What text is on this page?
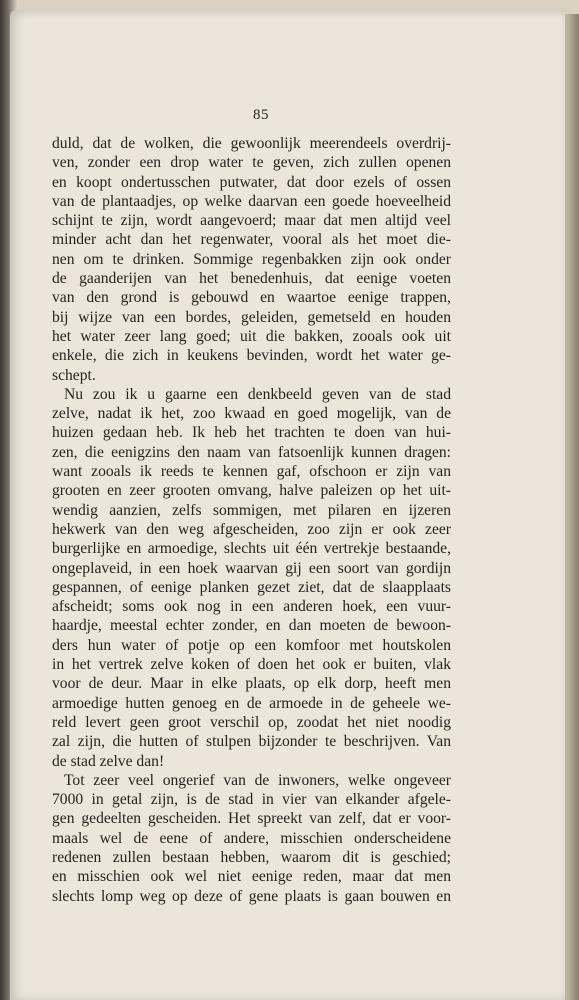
85
duld, dat de wolken, die gewoonlijk meerendeels overdrij-
ven, zonder een drop water te geven, zich zullen openen
en koopt ondertusschen putwater, dat door ezels of ossen
van de plantaadjes, op welke daarvan een goede hoeveelheid
schijnt te zijn, wordt aangevoerd; maar dat men altijd veel
minder acht dan het regenwater, vooral als het moet die-
nen om te drinken. Sommige regenbakken zijn ook onder
de gaanderijen van het benedenhuis, dat eenige voeten
van den grond is gebouwd en waartoe eenige trappen,
bij wijze van een bordes, geleiden, gemetseld en houden
het water zeer lang goed; uit die bakken, zooals ook uit
enkele, die zich in keukens bevinden, wordt het water ge-
schept.
Nu zou ik u gaarne een denkbeeld geven van de stad
zelve, nadat ik het, zoo kwaad en goed mogelijk, van de
huizen gedaan heb. Ik heb het trachten te doen van hui-
zen, die eenigzins den naam van fatsoenlijk kunnen dragen:
want zooals ik reeds te kennen gaf, ofschoon er zijn van
grooten en zeer grooten omvang, halve paleizen op het uit-
wendig aanzien, zelfs sommigen, met pilaren en ijzeren
hekwerk van den weg afgescheiden, zoo zijn er ook zeer
burgerlijke en armoedige, slechts uit één vertrekje bestaande,
ongeplaveid, in een hoek waarvan gij een soort van gordijn
gespannen, of eenige planken gezet ziet, dat de slaapplaats
afscheidt; soms ook nog in een anderen hoek, een vuur-
haardje, meestal echter zonder, en dan moeten de bewoon-
ders hun water of potje op een komfoor met houtskolen
in het vertrek zelve koken of doen het ook er buiten, vlak
voor de deur. Maar in elke plaats, op elk dorp, heeft men
armoedige hutten genoeg en de armoede in de geheele we-
reld levert geen groot verschil op, zoodat het niet noodig
zal zijn, die hutten of stulpen bijzonder te beschrijven. Van
de stad zelve dan!
Tot zeer veel ongerief van de inwoners, welke ongeveer
7000 in getal zijn, is de stad in vier van elkander afgele-
gen gedeelten gescheiden. Het spreekt van zelf, dat er voor-
maals wel de eene of andere, misschien onderscheidene
redenen zullen bestaan hebben, waarom dit is geschied;
en misschien ook wel niet eenige reden, maar dat men
slechts lomp weg op deze of gene plaats is gaan bouwen en
